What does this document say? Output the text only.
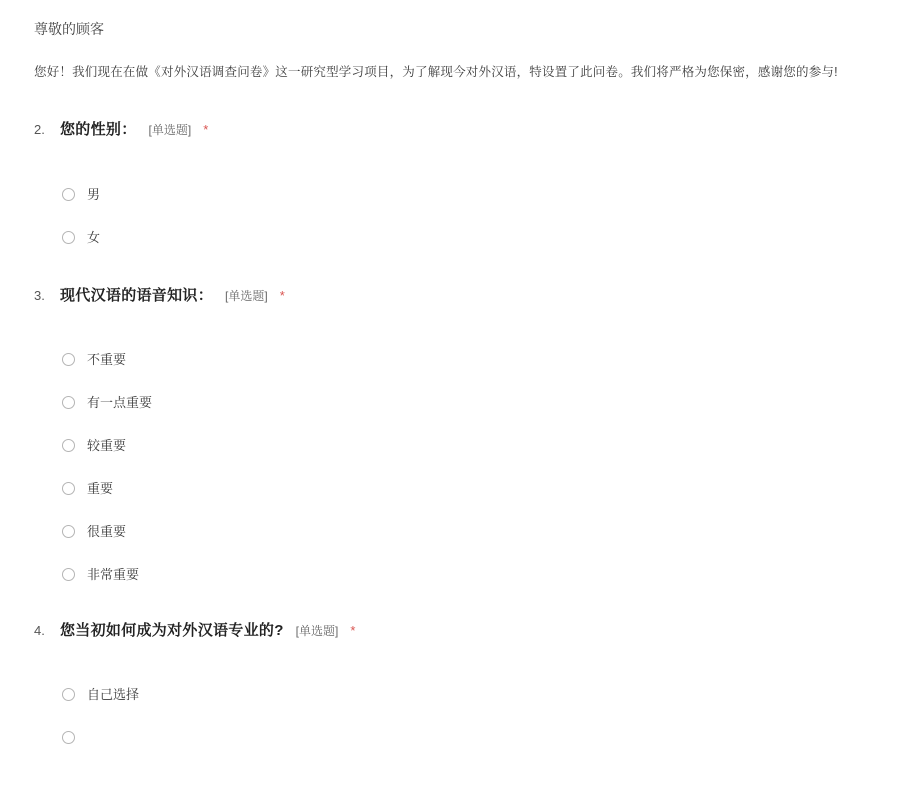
尊敬的顾客
您好！我们现在在做《对外汉语调查问卷》这一研究型学习项目，为了解现今对外汉语，特设置了此问卷。我们将严格为您保密，感谢您的参与!
2.	您的性别： [单选题] *
男
女
3.	现代汉语的语音知识： [单选题] *
不重要
有一点重要
较重要
重要
很重要
非常重要
4.	您当初如何成为对外汉语专业的? [单选题] *
自己选择
